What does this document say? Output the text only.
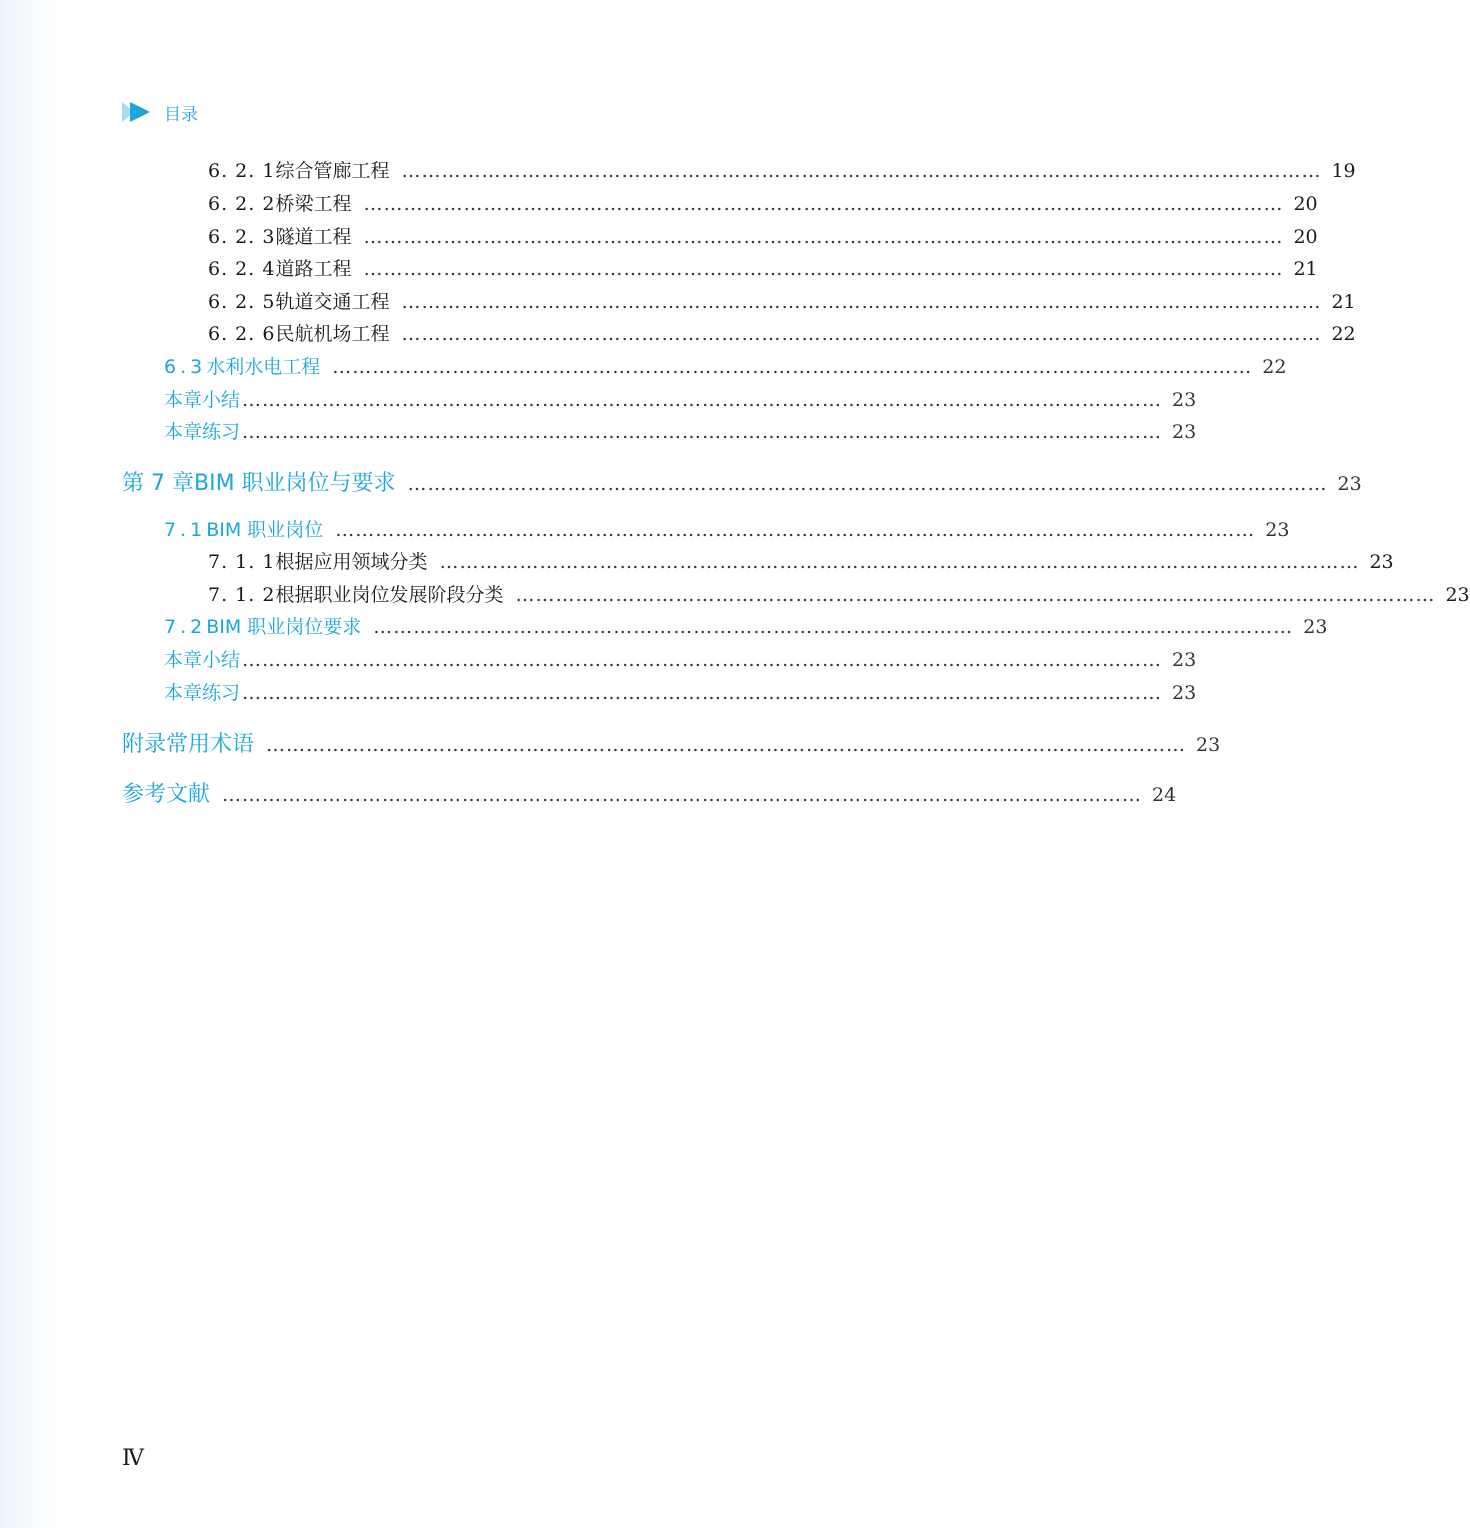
目录
6. 2. 1 综合管廊工程 ………………………………………………………………………………………………………………………… 19
6. 2. 2 桥梁工程 ………………………………………………………………………………………………………………………… 20
6. 2. 3 隧道工程 ………………………………………………………………………………………………………………………… 20
6. 2. 4 道路工程 ………………………………………………………………………………………………………………………… 21
6. 2. 5 轨道交通工程 ………………………………………………………………………………………………………………………… 21
6. 2. 6 民航机场工程 ………………………………………………………………………………………………………………………… 22
6.3 水利水电工程 ………………………………………………………………………………………………………………………… 22
本章小结 ………………………………………………………………………………………………………………………… 23
本章练习 ………………………………………………………………………………………………………………………… 23
第 7 章 BIM 职业岗位与要求 ………………………………………………………………………………………………………………………… 23
7.1 BIM 职业岗位 ………………………………………………………………………………………………………………………… 23
7. 1. 1 根据应用领域分类 ………………………………………………………………………………………………………………………… 23
7. 1. 2 根据职业岗位发展阶段分类 ………………………………………………………………………………………………………………………… 23
7.2 BIM 职业岗位要求 ………………………………………………………………………………………………………………………… 23
本章小结 ………………………………………………………………………………………………………………………… 23
本章练习 ………………………………………………………………………………………………………………………… 23
附录 常用术语 ………………………………………………………………………………………………………………………… 23
参考文献 ………………………………………………………………………………………………………………………… 24
Ⅳ
